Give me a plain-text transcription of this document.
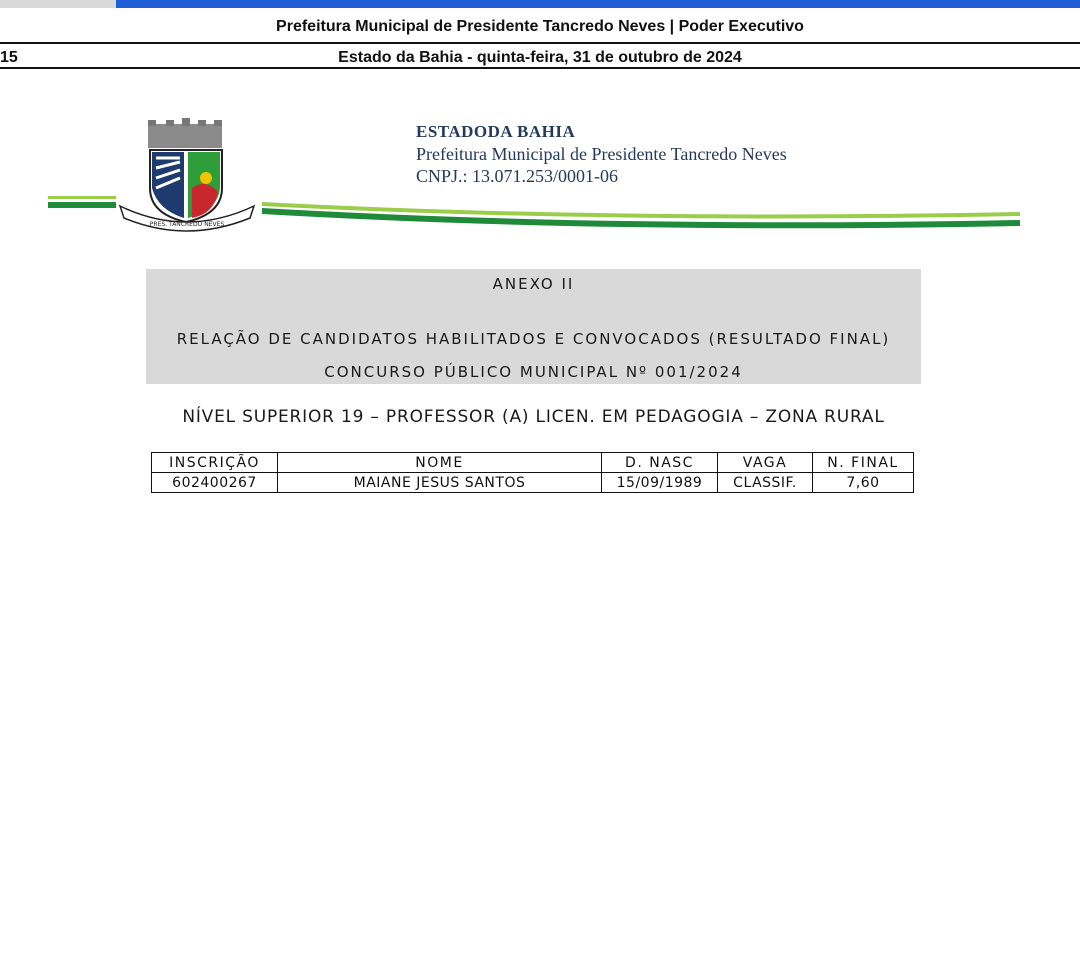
Prefeitura Municipal de Presidente Tancredo Neves | Poder Executivo
15	Estado da Bahia - quinta-feira, 31 de outubro de 2024
PRES. TANCREDO NEVES
ESTADODA BAHIA
Prefeitura Municipal de Presidente Tancredo Neves
CNPJ.: 13.071.253/0001-06
ANEXO II
RELAÇÃO DE CANDIDATOS HABILITADOS E CONVOCADOS (RESULTADO FINAL)
CONCURSO PÚBLICO MUNICIPAL Nº 001/2024
NÍVEL SUPERIOR 19 – PROFESSOR (A) LICEN. EM PEDAGOGIA – ZONA RURAL
INSCRIÇÃO	NOME	D. NASC	VAGA	N. FINAL
602400267	MAIANE JESUS SANTOS	15/09/1989	CLASSIF.	7,60
